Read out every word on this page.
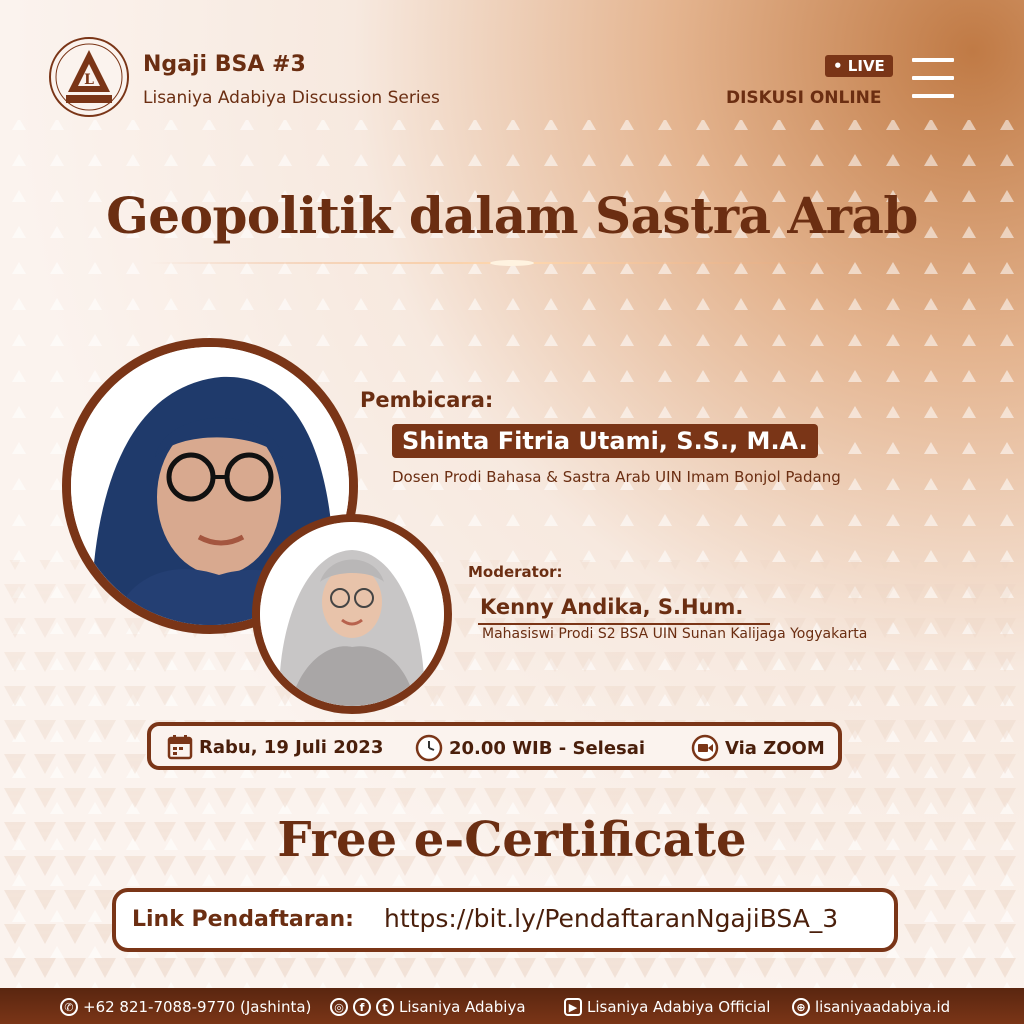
L
Ngaji BSA #3
Lisaniya Adabiya Discussion Series
• LIVE
DISKUSI ONLINE
Geopolitik dalam Sastra Arab
Pembicara:
Shinta Fitria Utami, S.S., M.A.
Dosen Prodi Bahasa & Sastra Arab UIN Imam Bonjol Padang
Moderator:
Kenny Andika, S.Hum.
Mahasiswi Prodi S2 BSA UIN Sunan Kalijaga Yogyakarta
Rabu, 19 Juli 2023	20.00 WIB - Selesai	Via ZOOM
Free e-Certificate
Link Pendaftaran: https://bit.ly/PendaftaranNgajiBSA_3
✆ +62 821-7088-9770 (Jashinta)	◎	f	t Lisaniya Adabiya	▶ Lisaniya Adabiya Official	⊕ lisaniyaadabiya.id
